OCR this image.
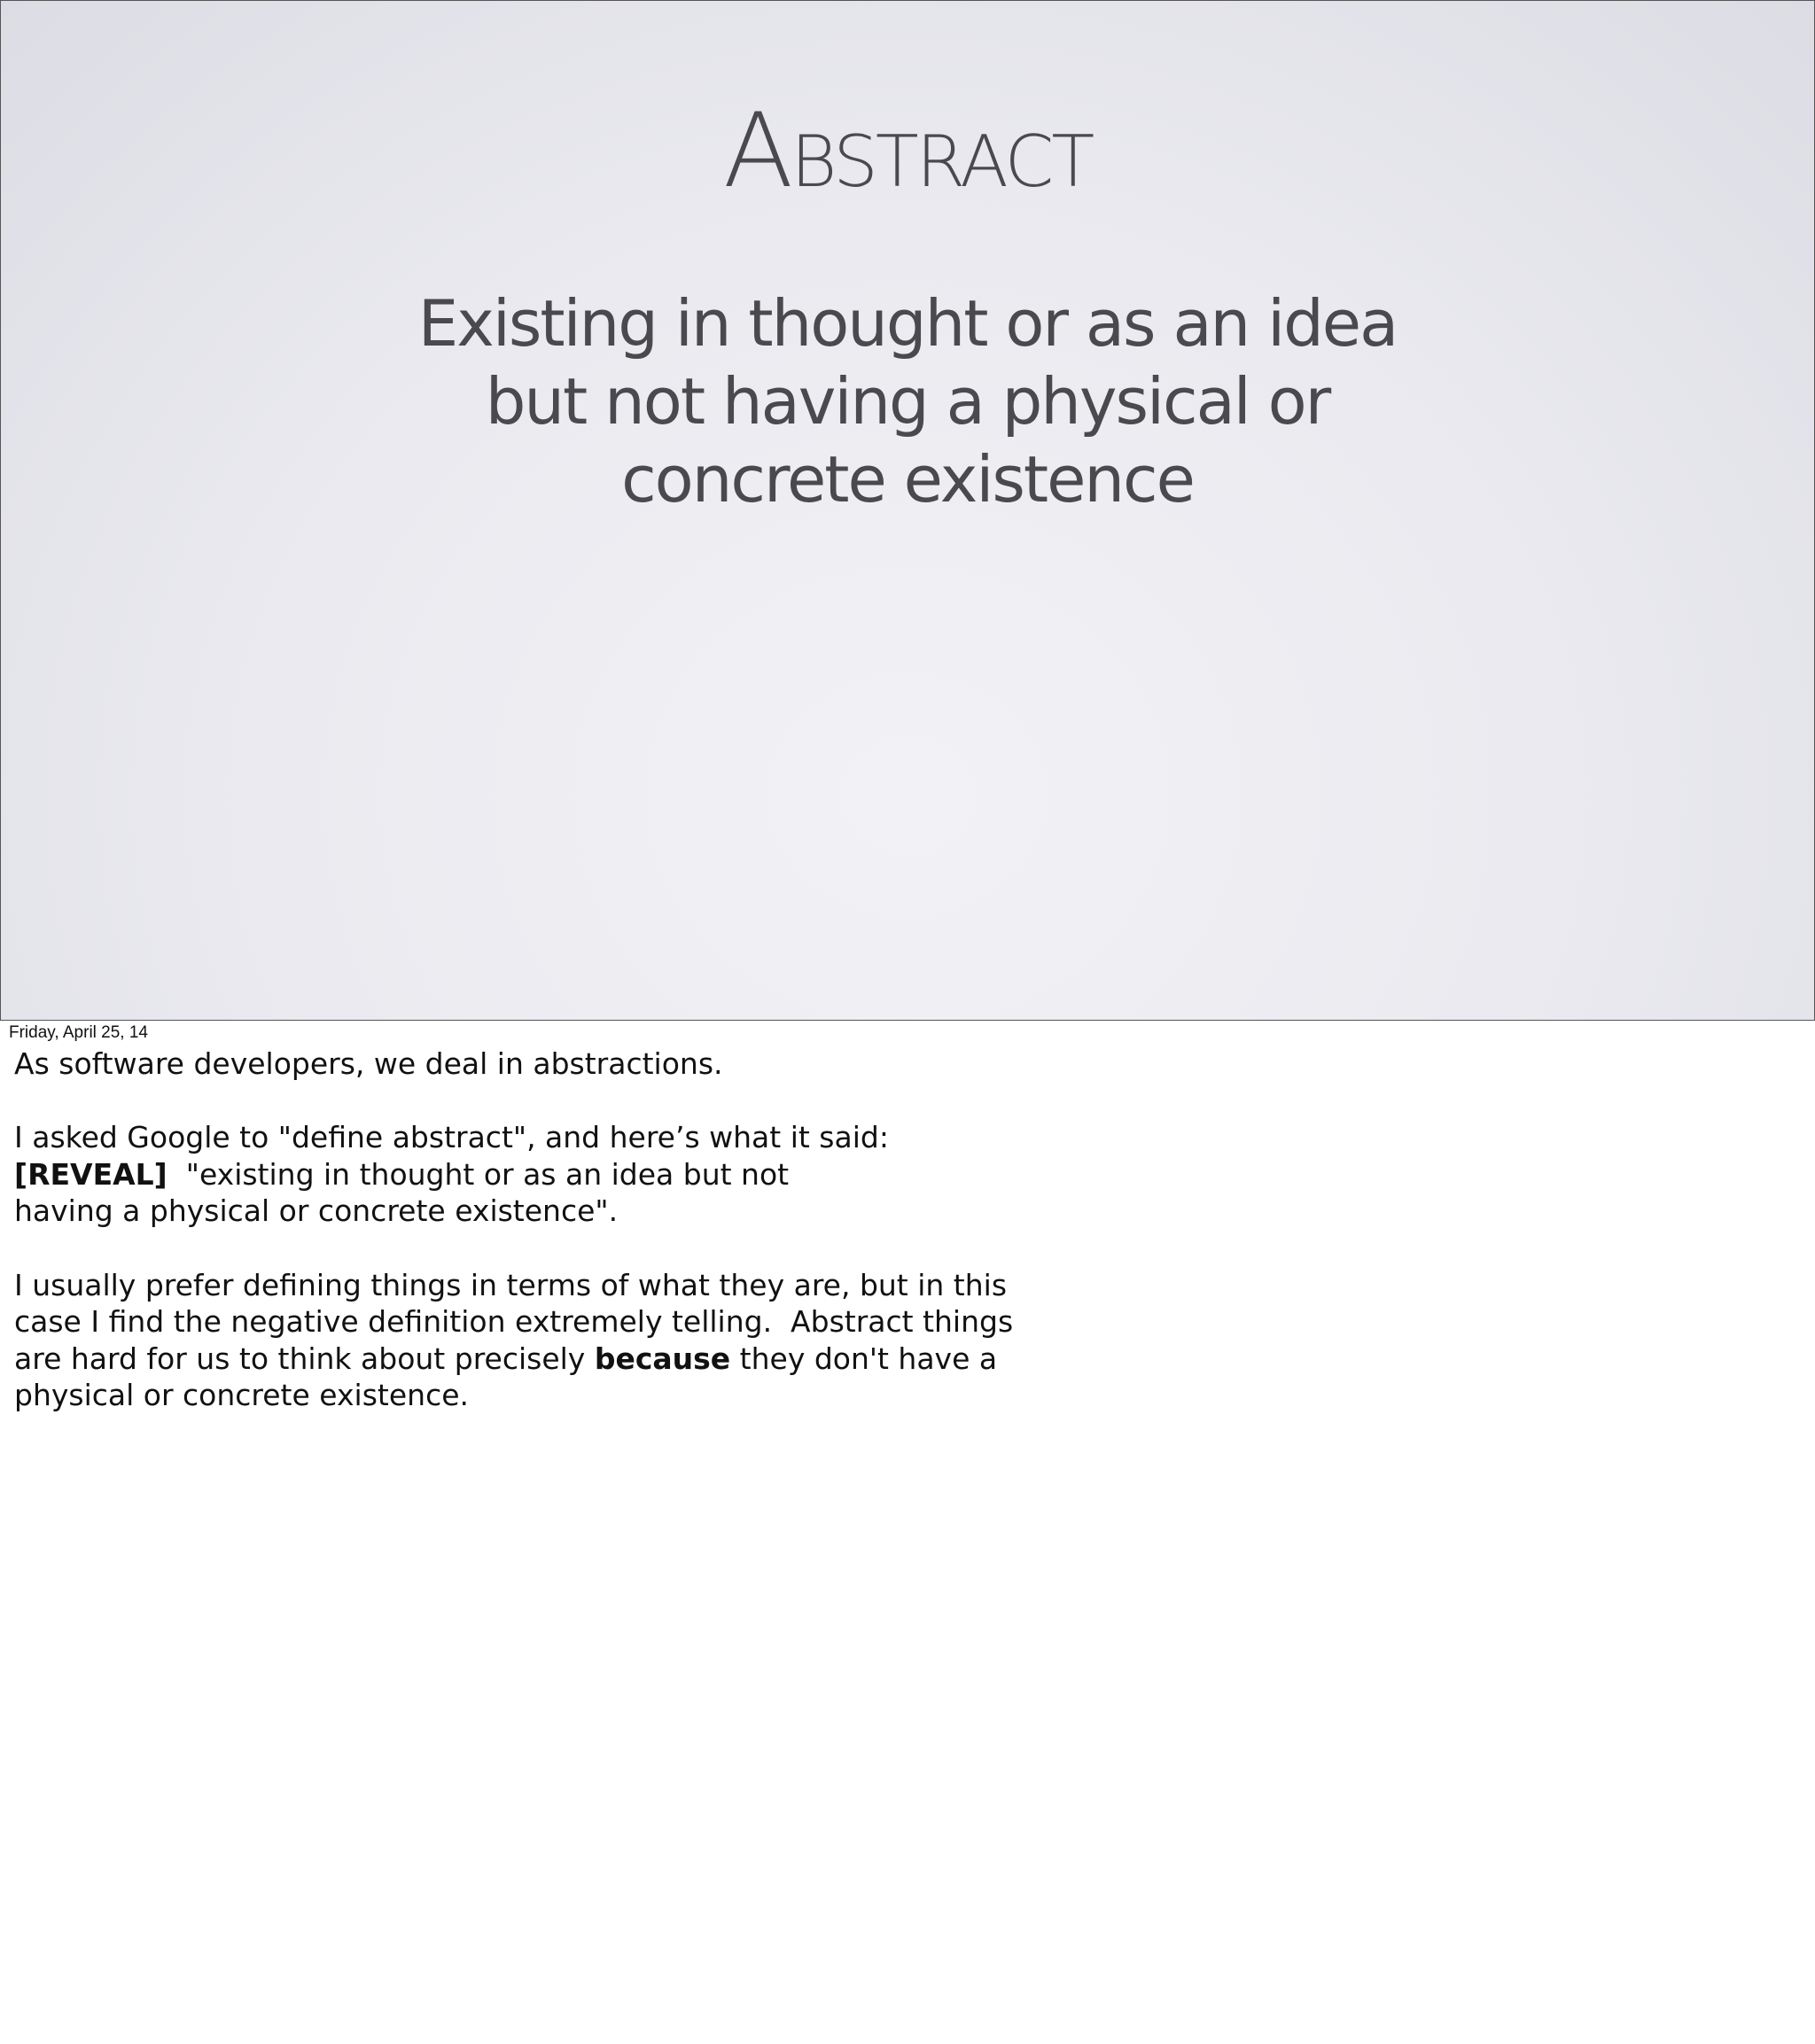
ABSTRACT
Existing in thought or as an idea
but not having a physical or
concrete existence
Friday, April 25, 14
As software developers, we deal in abstractions.
I asked Google to "define abstract", and here’s what it said:
[REVEAL]  "existing in thought or as an idea but not
having a physical or concrete existence".
I usually prefer defining things in terms of what they are, but in this
case I find the negative definition extremely telling.  Abstract things
are hard for us to think about precisely because they don't have a
physical or concrete existence.
